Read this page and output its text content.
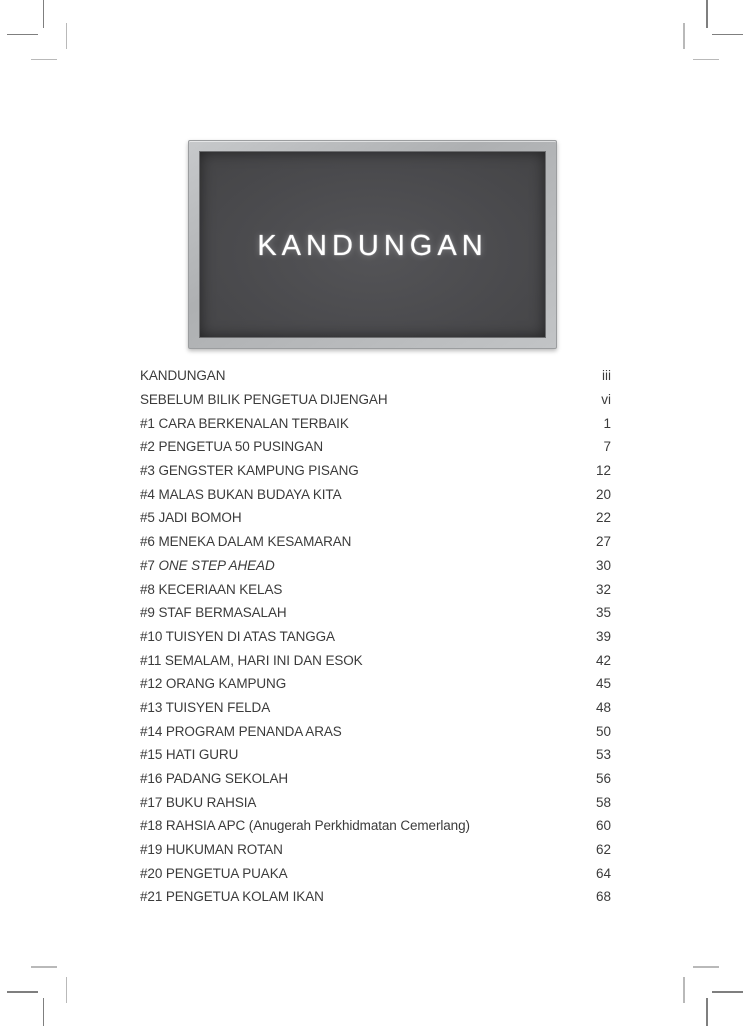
KANDUNGAN
KANDUNGAN	iii
SEBELUM BILIK PENGETUA DIJENGAH	vi
#1 CARA BERKENALAN TERBAIK	1
#2 PENGETUA 50 PUSINGAN	7
#3 GENGSTER KAMPUNG PISANG	12
#4 MALAS BUKAN BUDAYA KITA	20
#5 JADI BOMOH	22
#6 MENEKA DALAM KESAMARAN	27
#7 ONE STEP AHEAD	30
#8 KECERIAAN KELAS	32
#9 STAF BERMASALAH	35
#10 TUISYEN DI ATAS TANGGA	39
#11 SEMALAM, HARI INI DAN ESOK	42
#12 ORANG KAMPUNG	45
#13 TUISYEN FELDA	48
#14 PROGRAM PENANDA ARAS	50
#15 HATI GURU	53
#16 PADANG SEKOLAH	56
#17 BUKU RAHSIA	58
#18 RAHSIA APC (Anugerah Perkhidmatan Cemerlang)	60
#19 HUKUMAN ROTAN	62
#20 PENGETUA PUAKA	64
#21 PENGETUA KOLAM IKAN	68
